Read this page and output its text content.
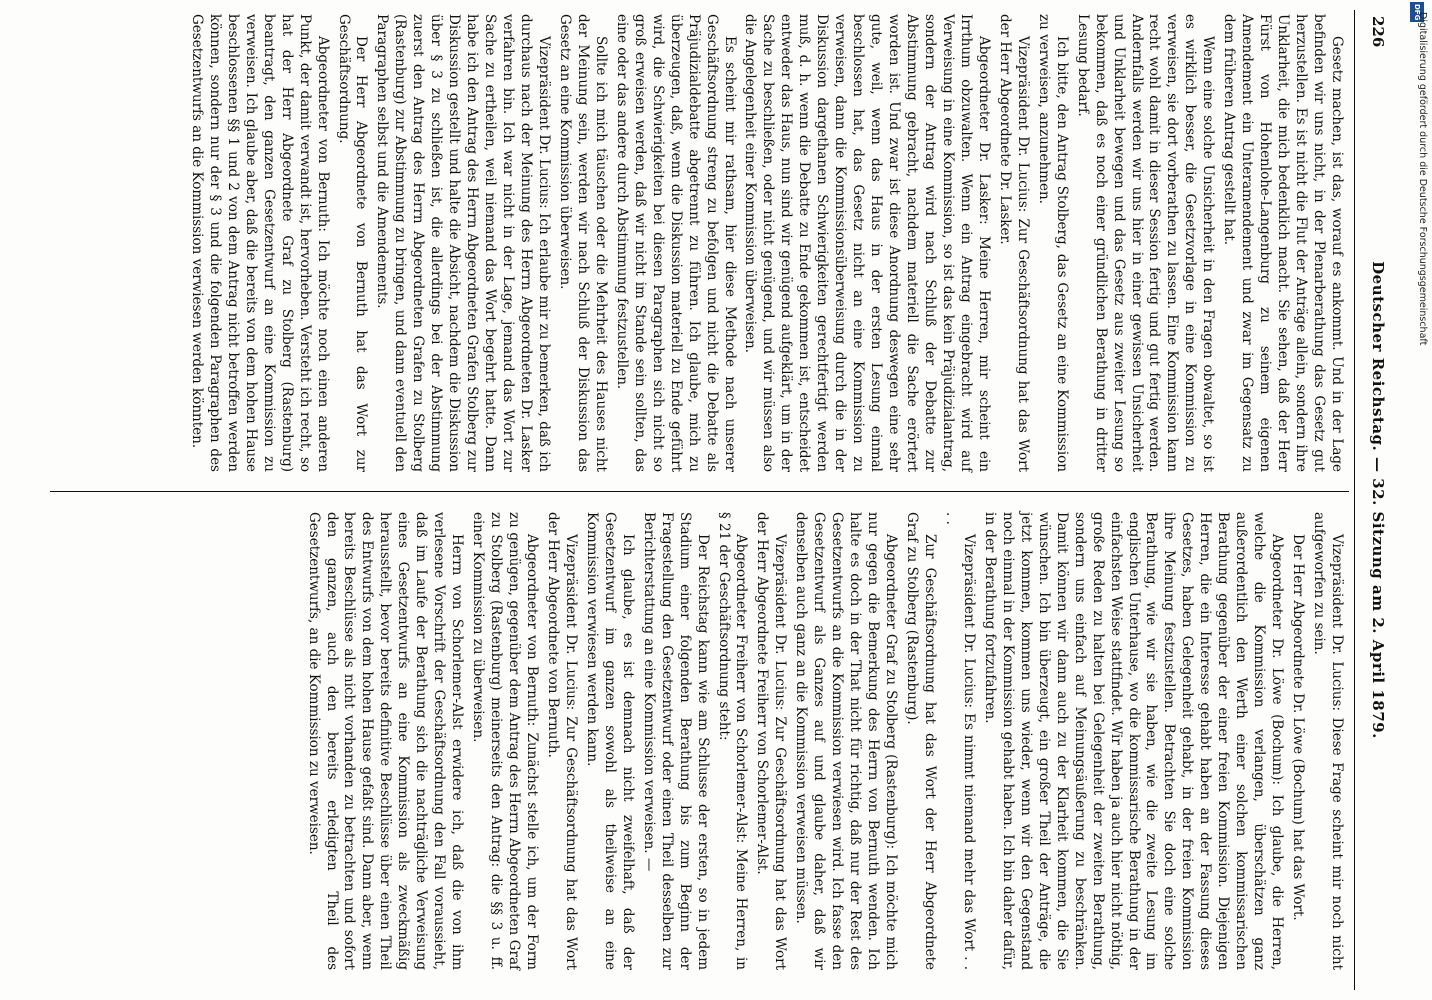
226
Deutscher Reichstag. — 32. Sitzung am 2. April 1879.

Gesetz machen, ist das, worauf es ankommt. Und in der Lage befinden wir uns nicht, in der Plenarberathung das Gesetz gut herzustellen. Es ist nicht die Flut der Anträge allein, sondern ihre Unklarheit, die mich bedenklich macht. Sie sehen, daß der Herr Fürst von Hohenlohe-Langenburg zu seinem eigenen Amendement ein Unteramendement und zwar im Gegensatz zu dem früheren Antrag gestellt hat.

Wenn eine solche Unsicherheit in den Fragen obwaltet, so ist es wirklich besser, die Gesetzvorlage in eine Kommission zu verweisen, sie dort vorberathen zu lassen. Eine Kommission kann recht wohl damit in dieser Session fertig und gut fertig werden. Andernfalls werden wir uns hier in einer gewissen Unsicherheit und Unklarheit bewegen und das Gesetz aus zweiter Lesung so bekommen, daß es noch einer gründlichen Berathung in dritter Lesung bedarf.

Ich bitte, den Antrag Stolberg, das Gesetz an eine Kommission zu verweisen, anzunehmen.

Vizepräsident Dr. Lucius: Zur Geschäftsordnung hat das Wort der Herr Abgeordnete Dr. Lasker.

Abgeordneter Dr. Lasker: Meine Herren, mir scheint ein Irrthum obzuwalten. Wenn ein Antrag eingebracht wird auf Verweisung in eine Kommission, so ist das kein Präjudizialantrag, sondern der Antrag wird nach Schluß der Debatte zur Abstimmung gebracht, nachdem materiell die Sache erörtert worden ist. Und zwar ist diese Anordnung deswegen eine sehr gute, weil, wenn das Haus in der ersten Lesung einmal beschlossen hat, das Gesetz nicht an eine Kommission zu verweisen, dann die Kommissionsüberweisung durch die in der Diskussion dargethanen Schwierigkeiten gerechtfertigt werden muß, d. h. wenn die Debatte zu Ende gekommen ist, entscheidet entweder das Haus, nun sind wir genügend aufgeklärt, um in der Sache zu beschließen, oder nicht genügend, und wir müssen also die Angelegenheit einer Kommission überweisen.

Es scheint mir rathsam, hier diese Methode nach unserer Geschäftsordnung streng zu befolgen und nicht die Debatte als Präjudizialdebatte abgetrennt zu führen. Ich glaube, mich zu überzeugen, daß, wenn die Diskussion materiell zu Ende geführt wird, die Schwierigkeiten bei diesen Paragraphen sich nicht so groß erweisen werden, daß wir nicht im Stande sein sollten, das eine oder das andere durch Abstimmung festzustellen.

Sollte ich mich täuschen oder die Mehrheit des Hauses nicht der Meinung sein, werden wir nach Schluß der Diskussion das Gesetz an eine Kommission überweisen.

Vizepräsident Dr. Lucius: Ich erlaube mir zu bemerken, daß ich durchaus nach der Meinung des Herrn Abgeordneten Dr. Lasker verfahren bin. Ich war nicht in der Lage, jemand das Wort zur Sache zu ertheilen, weil niemand das Wort begehrt hatte. Dann habe ich den Antrag des Herrn Abgeordneten Grafen Stolberg zur Diskussion gestellt und halte die Absicht, nachdem die Diskussion über § 3 zu schließen ist, die allerdings bei der Abstimmung zuerst den Antrag des Herrn Abgeordneten Grafen zu Stolberg (Rastenburg) zur Abstimmung zu bringen, und dann eventuell den Paragraphen selbst und die Amendements.

Der Herr Abgeordnete von Bernuth hat das Wort zur Geschäftsordnung.

Abgeordneter von Bernuth: Ich möchte noch einen anderen Punkt, der damit verwandt ist, hervorheben. Versteht ich recht, so hat der Herr Abgeordnete Graf zu Stolberg (Rastenburg) beantragt, den ganzen Gesetzentwurf an eine Kommission zu verweisen. Ich glaube aber, daß die bereits von dem hohen Hause beschlossenen §§ 1 und 2 von dem Antrag nicht betroffen werden können, sondern nur der § 3 und die folgenden Paragraphen des Gesetzentwurfs an die Kommission verwiesen werden könnten.

Vizepräsident Dr. Lucius: Diese Frage scheint mir noch nicht aufgeworfen zu sein.

Der Herr Abgeordnete Dr. Löwe (Bochum) hat das Wort.

Abgeordneter Dr. Löwe (Bochum): Ich glaube, die Herren, welche die Kommission verlangen, überschätzen ganz außerordentlich den Werth einer solchen kommissarischen Berathung gegenüber der einer freien Kommission. Diejenigen Herren, die ein Interesse gehabt haben an der Fassung dieses Gesetzes, haben Gelegenheit gehabt, in der freien Kommission ihre Meinung festzustellen. Betrachten Sie doch eine solche Berathung, wie wir sie haben, wie die zweite Lesung im englischen Unterhause, wo die kommissarische Berathung in der einfachsten Weise stattfindet. Wir haben ja auch hier nicht nöthig, große Reden zu halten bei Gelegenheit der zweiten Berathung, sondern uns einfach auf Meinungsäußerung zu beschränken. Damit können wir dann auch zu der Klarheit kommen, die Sie wünschen. Ich bin überzeugt, ein großer Theil der Anträge, die jetzt kommen, kommen uns wieder, wenn wir den Gegenstand noch einmal in der Kommission gehabt haben. Ich bin daher dafür, in der Berathung fortzufahren.

Vizepräsident Dr. Lucius: Es nimmt niemand mehr das Wort . . . .

Zur Geschäftsordnung hat das Wort der Herr Abgeordnete Graf zu Stolberg (Rastenburg).

Abgeordneter Graf zu Stolberg (Rastenburg): Ich möchte mich nur gegen die Bemerkung des Herrn von Bernuth wenden. Ich halte es doch in der That nicht für richtig, daß nur der Rest des Gesetzentwurfs an die Kommission verwiesen wird. Ich fasse den Gesetzentwurf als Ganzes auf und glaube daher, daß wir denselben auch ganz an die Kommission verweisen müssen.

Vizepräsident Dr. Lucius: Zur Geschäftsordnung hat das Wort der Herr Abgeordnete Freiherr von Schorlemer-Alst.

Abgeordneter Freiherr von Schorlemer-Alst: Meine Herren, in § 21 der Geschäftsordnung steht:

Der Reichstag kann wie am Schlusse der ersten, so in jedem Stadium einer folgenden Berathung bis zum Beginn der Fragestellung den Gesetzentwurf oder einen Theil desselben zur Berichterstattung an eine Kommission verweisen. —

Ich glaube, es ist demnach nicht zweifelhaft, daß der Gesetzentwurf im ganzen sowohl als theilweise an eine Kommission verwiesen werden kann.

Vizepräsident Dr. Lucius: Zur Geschäftsordnung hat das Wort der Herr Abgeordnete von Bernuth.

Abgeordneter von Bernuth: Zunächst stelle ich, um der Form zu genügen, gegenüber dem Antrag des Herrn Abgeordneten Graf zu Stolberg (Rastenburg) meinerseits den Antrag: die §§ 3 u. ff. einer Kommission zu überweisen.

Herrn von Schorlemer-Alst erwidere ich, daß die von ihm verlesene Vorschrift der Geschäftsordnung den Fall voraussieht, daß im Laufe der Berathung sich die nachträgliche Verweisung eines Gesetzentwurfs an eine Kommission als zweckmäßig herausstellt, bevor bereits definitive Beschlüsse über einen Theil des Entwurfs von dem hohen Hause gefaßt sind. Dann aber, wenn bereits Beschlüsse als nicht vorhanden zu betrachten und sofort den ganzen, auch den bereits erledigten Theil des Gesetzentwurfs, an die Kommission zu verweisen.

DFG
Digitalisierung gefördert durch die Deutsche Forschungsgemeinschaft
